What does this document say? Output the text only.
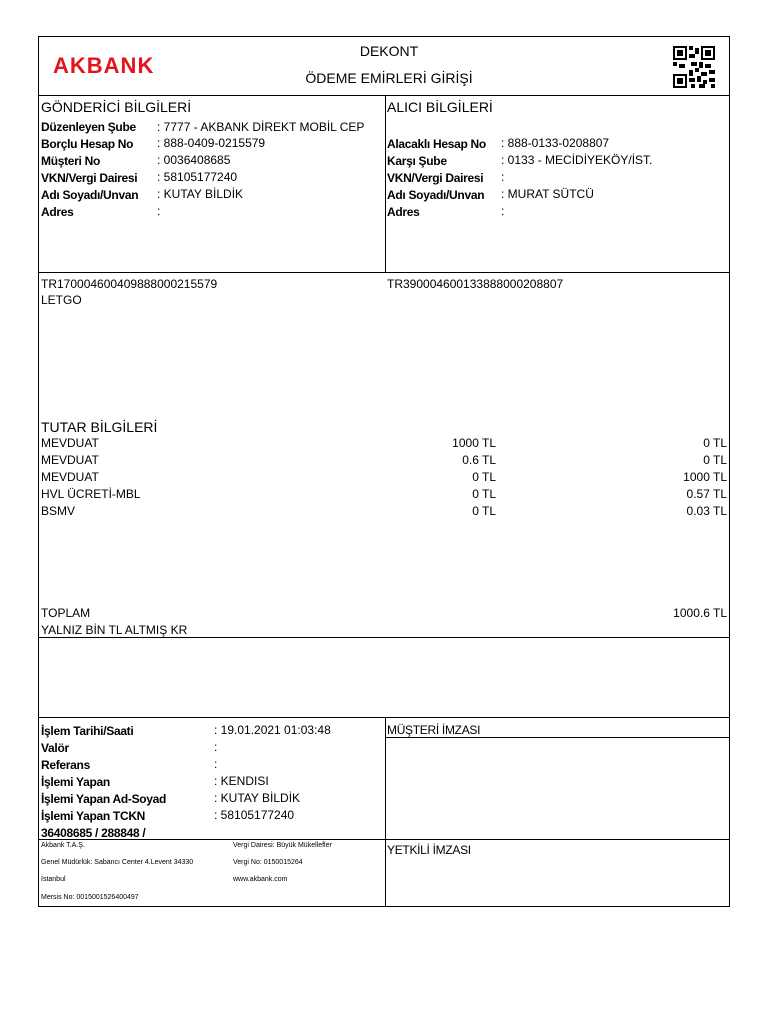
AKBANK
DEKONT
ÖDEME EMİRLERİ GİRİŞİ
GÖNDERİCİ BİLGİLERİ
Düzenleyen Şube : 7777 - AKBANK DİREKT MOBİL CEP
Borçlu Hesap No : 888-0409-0215579
Müşteri No	: 0036408685
VKN/Vergi Dairesi : 58105177240
Adı Soyadı/Unvan : KUTAY BİLDİK
Adres	:
ALICI BİLGİLERİ
Alacaklı Hesap No : 888-0133-0208807
Karşı Şube	: 0133 - MECİDİYEKÖY/İST.
VKN/Vergi Dairesi :
Adı Soyadı/Unvan : MURAT SÜTCÜ
Adres	:
TR170004600409888000215579	TR390004600133888000208807
LETGO
TUTAR BİLGİLERİ
MEVDUAT	1000 TL	0 TL
MEVDUAT	0.6 TL	0 TL
MEVDUAT	0 TL	1000 TL
HVL ÜCRETİ-MBL	0 TL	0.57 TL
BSMV	0 TL	0.03 TL
TOPLAM	1000.6 TL
YALNIZ BİN TL ALTMIŞ KR
İşlem Tarihi/Saati	: 19.01.2021 01:03:48
Valör	:
Referans	:
İşlemi Yapan	: KENDISI
İşlemi Yapan Ad-Soyad	: KUTAY BİLDİK
İşlemi Yapan TCKN	: 58105177240
36408685 / 288848 /
MÜŞTERİ İMZASI
YETKİLİ İMZASI
Akbank T.A.Ş.
Genel Müdürlük: Sabancı Center 4.Levent 34330
İstanbul
Mersis No: 0015001526400497
Vergi Dairesi: Büyük Mükellefler
Vergi No: 0150015264
www.akbank.com
